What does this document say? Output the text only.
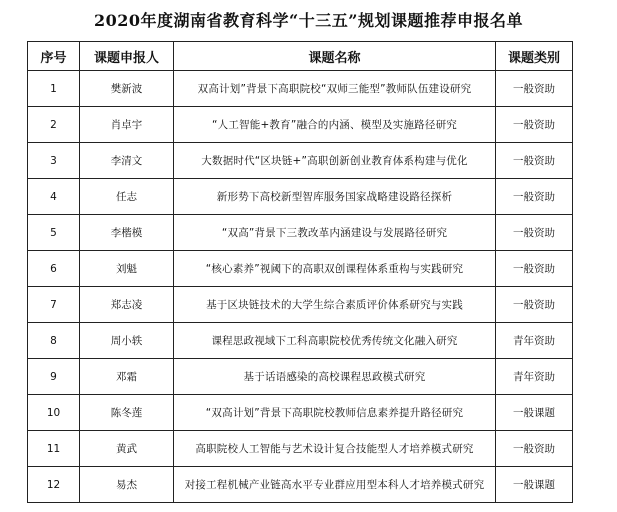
2020年度湖南省教育科学“十三五”规划课题推荐申报名单
序号	课题申报人	课题名称	课题类别
1	樊新波	双高计划”背景下高职院校“双师三能型”教师队伍建设研究	一般资助
2	肖卓宇	“人工智能+教育”融合的内涵、模型及实施路径研究	一般资助
3	李清文	大数据时代“区块链+”高职创新创业教育体系构建与优化	一般资助
4	任志	新形势下高校新型智库服务国家战略建设路径探析	一般资助
5	李楷模	“双高”背景下三教改革内涵建设与发展路径研究	一般资助
6	刘魁	“核心素养”视阈下的高职双创课程体系重构与实践研究	一般资助
7	郑志凌	基于区块链技术的大学生综合素质评价体系研究与实践	一般资助
8	周小轶	课程思政视域下工科高职院校优秀传统文化融入研究	青年资助
9	邓霜	基于话语感染的高校课程思政模式研究	青年资助
10	陈冬莲	“双高计划”背景下高职院校教师信息素养提升路径研究	一般课题
11	黄武	高职院校人工智能与艺术设计复合技能型人才培养模式研究	一般资助
12	易杰	对接工程机械产业链高水平专业群应用型本科人才培养模式研究	一般课题
